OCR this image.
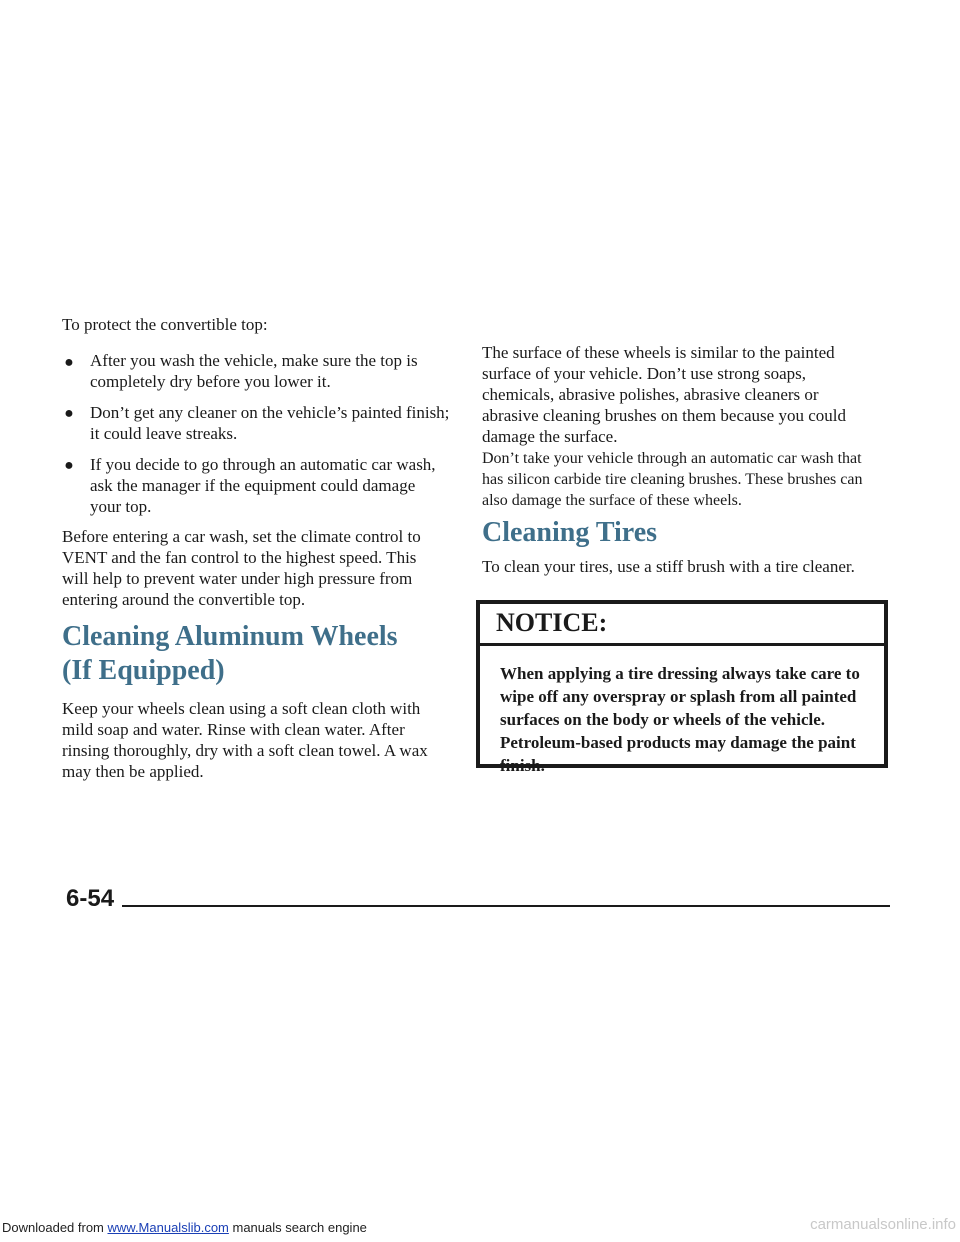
To protect the convertible top:

● After you wash the vehicle, make sure the top is
completely dry before you lower it.

● Don’t get any cleaner on the vehicle’s painted finish;
it could leave streaks.

● If you decide to go through an automatic car wash,
ask the manager if the equipment could damage
your top.

Before entering a car wash, set the climate control to VENT and the fan control to the highest speed. This will help to prevent water under high pressure from entering around the convertible top.

Cleaning Aluminum Wheels
(If Equipped)

Keep your wheels clean using a soft clean cloth with mild soap and water. Rinse with clean water. After rinsing thoroughly, dry with a soft clean towel. A wax may then be applied.

The surface of these wheels is similar to the painted surface of your vehicle. Don’t use strong soaps, chemicals, abrasive polishes, abrasive cleaners or abrasive cleaning brushes on them because you could damage the surface.

Don’t take your vehicle through an automatic car wash that has silicon carbide tire cleaning brushes. These brushes can also damage the surface of these wheels.

Cleaning Tires

To clean your tires, use a stiff brush with a tire cleaner.

NOTICE:

When applying a tire dressing always take care to wipe off any overspray or splash from all painted surfaces on the body or wheels of the vehicle. Petroleum-based products may damage the paint finish.

6-54
Downloaded from www.Manualslib.com manuals search engine	carmanualsonline.info
